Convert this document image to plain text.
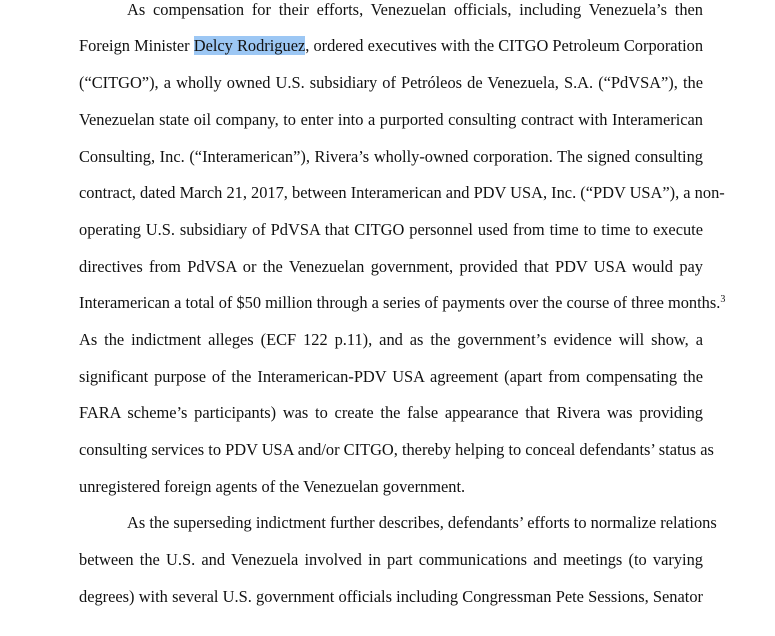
As compensation for their efforts, Venezuelan officials, including Venezuela’s then
Foreign Minister Delcy Rodriguez, ordered executives with the CITGO Petroleum Corporation
(“CITGO”), a wholly owned U.S. subsidiary of Petróleos de Venezuela, S.A. (“PdVSA”), the
Venezuelan state oil company, to enter into a purported consulting contract with Interamerican
Consulting, Inc. (“Interamerican”), Rivera’s wholly-owned corporation. The signed consulting
contract, dated March 21, 2017, between Interamerican and PDV USA, Inc. (“PDV USA”), a non-
operating U.S. subsidiary of PdVSA that CITGO personnel used from time to time to execute
directives from PdVSA or the Venezuelan government, provided that PDV USA would pay
Interamerican a total of $50 million through a series of payments over the course of three months.$^3$
As the indictment alleges (ECF 122 p.11), and as the government’s evidence will show, a
significant purpose of the Interamerican-PDV USA agreement (apart from compensating the
FARA scheme’s participants) was to create the false appearance that Rivera was providing
consulting services to PDV USA and/or CITGO, thereby helping to conceal defendants’ status as
unregistered foreign agents of the Venezuelan government.
As the superseding indictment further describes, defendants’ efforts to normalize relations
between the U.S. and Venezuela involved in part communications and meetings (to varying
degrees) with several U.S. government officials including Congressman Pete Sessions, Senator
